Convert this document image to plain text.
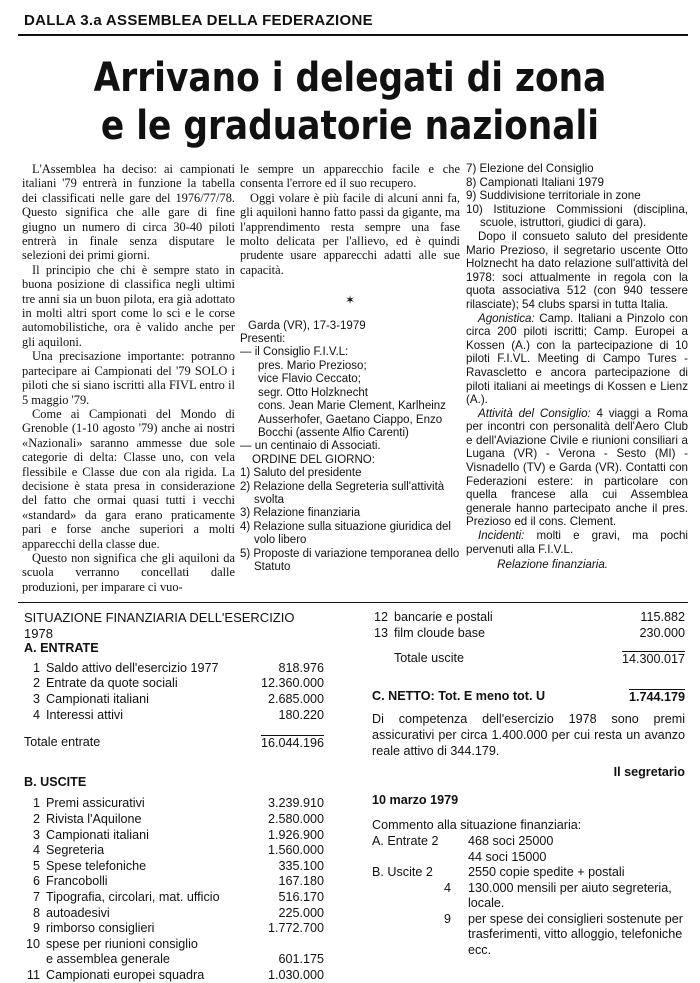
DALLA 3.a ASSEMBLEA DELLA FEDERAZIONE
Arrivano i delegati di zona
e le graduatorie nazionali

L'Assemblea ha deciso: ai campionati italiani '79 entrerà in funzione la tabella dei classificati nelle gare del 1976/77/78. Questo significa che alle gare di fine giugno un numero di circa 30-40 piloti entrerà in finale senza disputare le selezioni dei primi giorni.

Il principio che chi è sempre stato in buona posizione di classifica negli ultimi tre anni sia un buon pilota, era già adottato in molti altri sport come lo sci e le corse automobilistiche, ora è valido anche per gli aquiloni.

Una precisazione importante: potranno partecipare ai Campionati del '79 SOLO i piloti che si siano iscritti alla FIVL entro il 5 maggio '79.

Come ai Campionati del Mondo di Grenoble (1-10 agosto '79) anche ai nostri «Nazionali» saranno ammesse due sole categorie di delta: Classe uno, con vela flessibile e Classe due con ala rigida. La decisione è stata presa in considerazione del fatto che ormai quasi tutti i vecchi «standard» da gara erano praticamente pari e forse anche superiori a molti apparecchi della classe due.

Questo non significa che gli aquiloni da scuola verranno concellati dalle produzioni, per imparare ci vuo-

le sempre un apparecchio facile e che consenta l'errore ed il suo recupero.

Oggi volare è più facile di alcuni anni fa, gli aquiloni hanno fatto passi da gigante, ma l'apprendimento resta sempre una fase molto delicata per l'allievo, ed è quindi prudente usare apparecchi adatti alle sue capacità.

✶
Garda (VR), 17-3-1979
Presenti:
— il Consiglio F.I.V.L:
pres. Mario Prezioso;
vice Flavio Ceccato;
segr. Otto Holzknecht
cons. Jean Marie Clement, Karlheinz Ausserhofer, Gaetano Ciappo, Enzo Bocchi (assente Alfio Carenti)
— un centinaio di Associati.
ORDINE DEL GIORNO:
1) Saluto del presidente
2) Relazione della Segreteria sull'attività svolta
3) Relazione finanziaria
4) Relazione sulla situazione giuridica del volo libero
5) Proposte di variazione temporanea dello Statuto
7) Elezione del Consiglio
8) Campionati Italiani 1979
9) Suddivisione territoriale in zone
10) Istituzione Commissioni (disciplina, scuole, istruttori, giudici di gara).

Dopo il consueto saluto del presidente Mario Prezioso, il segretario uscente Otto Holznecht ha dato relazione sull'attività del 1978: soci attualmente in regola con la quota associativa 512 (con 940 tessere rilasciate); 54 clubs sparsi in tutta Italia.

Agonistica: Camp. Italiani a Pinzolo con circa 200 piloti iscritti; Camp. Europei a Kossen (A.) con la partecipazione di 10 piloti F.I.VL. Meeting di Campo Tures - Ravascletto e ancora partecipazione di piloti italiani ai meetings di Kossen e Lienz (A.).

Attività del Consiglio: 4 viaggi a Roma per incontri con personalità dell'Aero Club e dell'Aviazione Civile e riunioni consiliari a Lugana (VR) - Verona - Sesto (MI) - Visnadello (TV) e Garda (VR). Contatti con Federazioni estere: in particolare con quella francese alla cui Assemblea generale hanno partecipato anche il pres. Prezioso ed il cons. Clement.

Incidenti: molti e gravi, ma pochi pervenuti alla F.I.V.L.

Relazione finanziaria.
SITUAZIONE FINANZIARIA DELL'ESERCIZIO 1978
A. ENTRATE
1 Saldo attivo dell'esercizio 1977	818.976
2 Entrate da quote sociali	12.360.000
3 Campionati italiani	2.685.000
4 Interessi attivi	180.220
Totale entrate	16.044.196
B. USCITE
1 Premi assicurativi	3.239.910
2 Rivista l'Aquilone	2.580.000
3 Campionati italiani	1.926.900
4 Segreteria	1.560.000
5 Spese telefoniche	335.100
6 Francobolli	167.180
7 Tipografia, circolari, mat. ufficio	516.170
8 autoadesivi	225.000
9 rimborso consiglieri	1.772.700
10 spese per riunioni consiglio
e assemblea generale	601.175
11 Campionati europei squadra	1.030.000
12 bancarie e postali	115.882
13 film cloude base	230.000
Totale uscite	14.300.017
C. NETTO: Tot. E meno tot. U	1.744.179
Di competenza dell'esercizio 1978 sono premi assicurativi per circa 1.400.000 per cui resta un avanzo reale attivo di 344.179.
Il segretario
10 marzo 1979
Commento alla situazione finanziaria:
A. Entrate 2 468 soci 25000
44 soci 15000
B. Uscite 2	2550 copie spedite + postali
4 130.000 mensili per aiuto segreteria, locale.
9 per spese dei consiglieri sostenute per trasferimenti, vitto alloggio, telefoniche ecc.
